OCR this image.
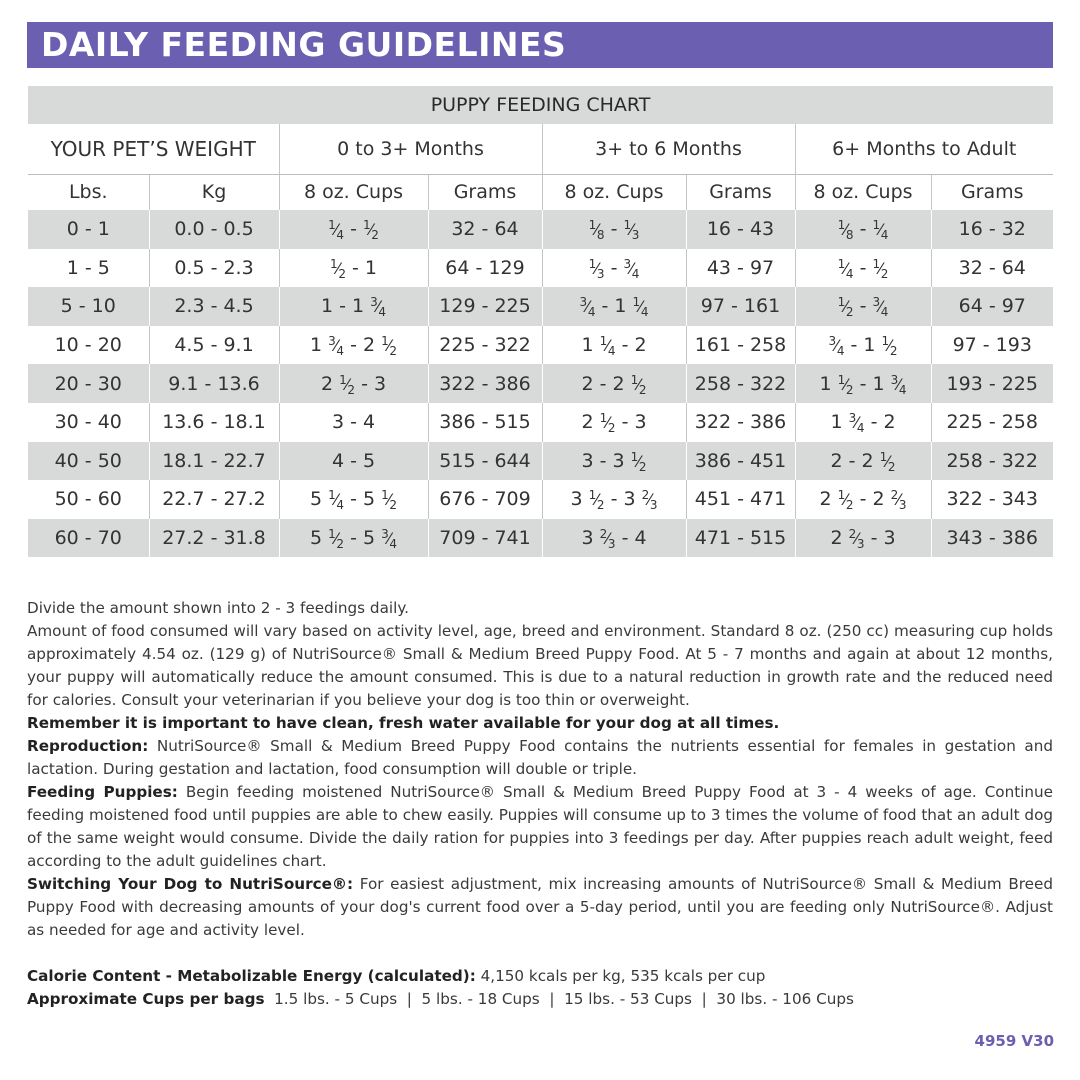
DAILY FEEDING GUIDELINES
PUPPY FEEDING CHART							
YOUR PET’S WEIGHT		0 to 3+ Months		3+ to 6 Months		6+ Months to Adult	
Lbs.	Kg	8 oz. Cups	Grams	8 oz. Cups	Grams	8 oz. Cups	Grams
0 - 1	0.0 - 0.5	1⁄4 - 1⁄2	32 - 64	1⁄8 - 1⁄3	16 - 43	1⁄8 - 1⁄4	16 - 32
1 - 5	0.5 - 2.3	1⁄2 - 1	64 - 129	1⁄3 - 3⁄4	43 - 97	1⁄4 - 1⁄2	32 - 64
5 - 10	2.3 - 4.5	1 - 1 3⁄4	129 - 225	3⁄4 - 1 1⁄4	97 - 161	1⁄2 - 3⁄4	64 - 97
10 - 20	4.5 - 9.1	1 3⁄4 - 2 1⁄2	225 - 322	1 1⁄4 - 2	161 - 258	3⁄4 - 1 1⁄2	97 - 193
20 - 30	9.1 - 13.6	2 1⁄2 - 3	322 - 386	2 - 2 1⁄2	258 - 322	1 1⁄2 - 1 3⁄4	193 - 225
30 - 40	13.6 - 18.1	3 - 4	386 - 515	2 1⁄2 - 3	322 - 386	1 3⁄4 - 2	225 - 258
40 - 50	18.1 - 22.7	4 - 5	515 - 644	3 - 3 1⁄2	386 - 451	2 - 2 1⁄2	258 - 322
50 - 60	22.7 - 27.2	5 1⁄4 - 5 1⁄2	676 - 709	3 1⁄2 - 3 2⁄3	451 - 471	2 1⁄2 - 2 2⁄3	322 - 343
60 - 70	27.2 - 31.8	5 1⁄2 - 5 3⁄4	709 - 741	3 2⁄3 - 4	471 - 515	2 2⁄3 - 3	343 - 386

Divide the amount shown into 2 - 3 feedings daily.

Amount of food consumed will vary based on activity level, age, breed and environment. Standard 8 oz. (250 cc) measuring cup holds approximately 4.54 oz. (129 g) of NutriSource® Small & Medium Breed Puppy Food. At 5 - 7 months and again at about 12 months, your puppy will automatically reduce the amount consumed. This is due to a natural reduction in growth rate and the reduced need for calories. Consult your veterinarian if you believe your dog is too thin or overweight.

Remember it is important to have clean, fresh water available for your dog at all times.

Reproduction: NutriSource® Small & Medium Breed Puppy Food contains the nutrients essential for females in gestation and lactation. During gestation and lactation, food consumption will double or triple.

Feeding Puppies: Begin feeding moistened NutriSource® Small & Medium Breed Puppy Food at 3 - 4 weeks of age. Continue feeding moistened food until puppies are able to chew easily. Puppies will consume up to 3 times the volume of food that an adult dog of the same weight would consume. Divide the daily ration for puppies into 3 feedings per day. After puppies reach adult weight, feed according to the adult guidelines chart.

Switching Your Dog to NutriSource®: For easiest adjustment, mix increasing amounts of NutriSource® Small & Medium Breed Puppy Food with decreasing amounts of your dog's current food over a 5-day period, until you are feeding only NutriSource®. Adjust as needed for age and activity level.

Calorie Content - Metabolizable Energy (calculated): 4,150 kcals per kg, 535 kcals per cup

Approximate Cups per bags  1.5 lbs. - 5 Cups  |  5 lbs. - 18 Cups  |  15 lbs. - 53 Cups  |  30 lbs. - 106 Cups

4959 V30
